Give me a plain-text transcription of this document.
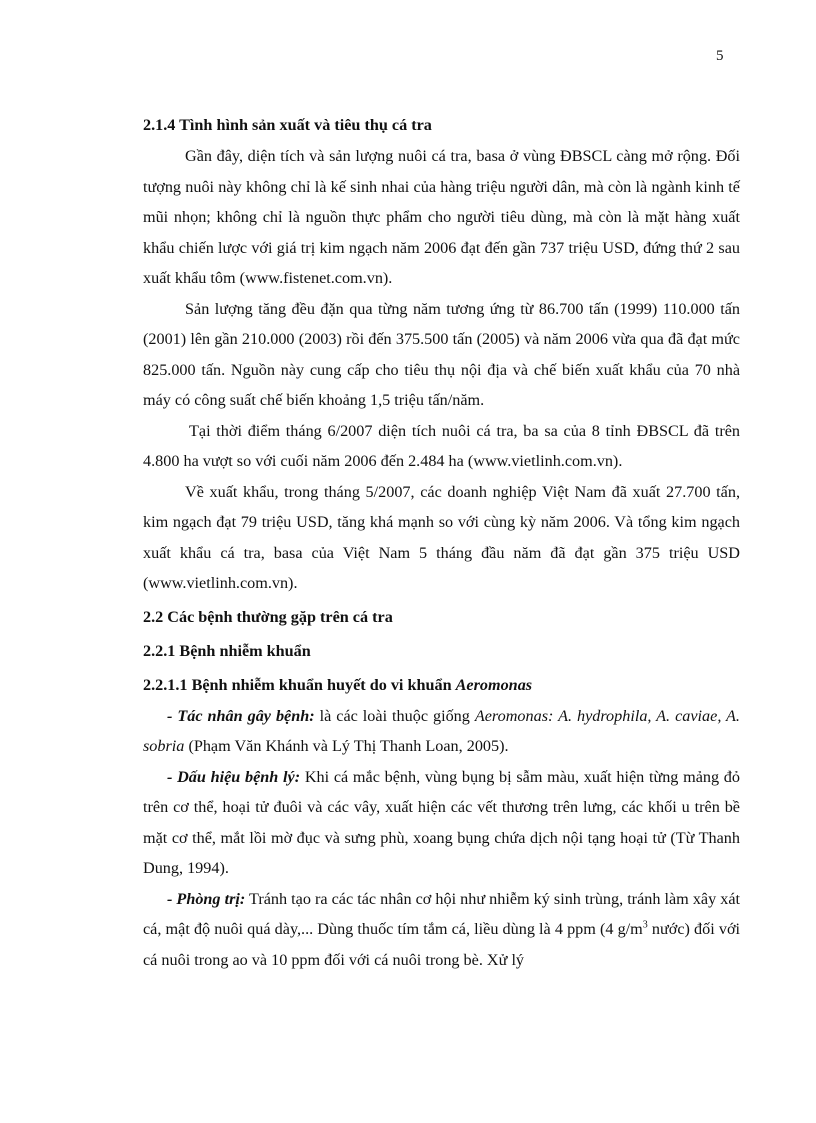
5

2.1.4 Tình hình sản xuất và tiêu thụ cá tra

Gần đây, diện tích và sản lượng nuôi cá tra, basa ở vùng ĐBSCL càng mở rộng. Đối tượng nuôi này không chỉ là kế sinh nhai của hàng triệu người dân, mà còn là ngành kinh tế mũi nhọn; không chỉ là nguồn thực phẩm cho người tiêu dùng, mà còn là mặt hàng xuất khẩu chiến lược với giá trị kim ngạch năm 2006 đạt đến gần 737 triệu USD, đứng thứ 2 sau xuất khẩu tôm (www.fistenet.com.vn).

Sản lượng tăng đều đặn qua từng năm tương ứng từ 86.700 tấn (1999) 110.000 tấn (2001) lên gần 210.000 (2003) rồi đến 375.500 tấn (2005) và năm 2006 vừa qua đã đạt mức 825.000 tấn. Nguồn này cung cấp cho tiêu thụ nội địa và chế biến xuất khẩu của 70 nhà máy có công suất chế biến khoảng 1,5 triệu tấn/năm.

Tại thời điểm tháng 6/2007 diện tích nuôi cá tra, ba sa của 8 tỉnh ĐBSCL đã trên 4.800 ha vượt so với cuối năm 2006 đến 2.484 ha (www.vietlinh.com.vn).

Về xuất khẩu, trong tháng 5/2007, các doanh nghiệp Việt Nam đã xuất 27.700 tấn, kim ngạch đạt 79 triệu USD, tăng khá mạnh so với cùng kỳ năm 2006. Và tổng kim ngạch xuất khẩu cá tra, basa của Việt Nam 5 tháng đầu năm đã đạt gần 375 triệu USD (www.vietlinh.com.vn).

2.2 Các bệnh thường gặp trên cá tra

2.2.1 Bệnh nhiễm khuẩn

2.2.1.1 Bệnh nhiễm khuẩn huyết do vi khuẩn Aeromonas

- Tác nhân gây bệnh: là các loài thuộc giống Aeromonas: A. hydrophila, A. caviae, A. sobria (Phạm Văn Khánh và Lý Thị Thanh Loan, 2005).

- Dấu hiệu bệnh lý: Khi cá mắc bệnh, vùng bụng bị sẫm màu, xuất hiện từng mảng đỏ trên cơ thể, hoại tử đuôi và các vây, xuất hiện các vết thương trên lưng, các khối u trên bề mặt cơ thể, mắt lồi mờ đục và sưng phù, xoang bụng chứa dịch nội tạng hoại tử (Từ Thanh Dung, 1994).

- Phòng trị: Tránh tạo ra các tác nhân cơ hội như nhiễm ký sinh trùng, tránh làm xây xát cá, mật độ nuôi quá dày,... Dùng thuốc tím tắm cá, liều dùng là 4 ppm (4 $g/m^3$ nước) đối với cá nuôi trong ao và 10 ppm đối với cá nuôi trong bè. Xử lý
